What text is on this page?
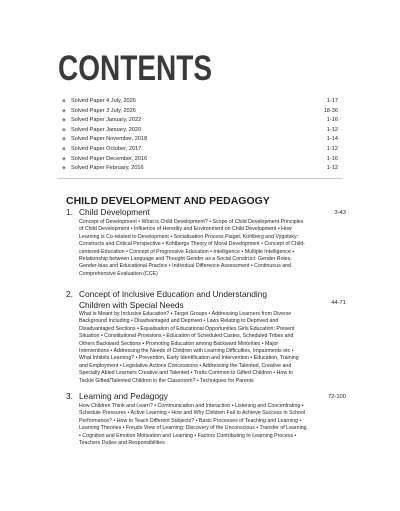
CONTENTS
◆ Solved Paper 4 July, 2026	1-17
◆ Solved Paper 3 July, 2026	18-36
◆ Solved Paper January, 2022	1-16
◆ Solved Paper January, 2020	1-12
◆ Solved Paper November, 2018	1-14
◆ Solved Paper October, 2017	1-12
◆ Solved Paper December, 2016	1-16
◆ Solved Paper February, 2016	1-12
CHILD DEVELOPMENT AND PEDAGOGY
1. Child Development	3-43

Concept of Development • What is Child Development? • Scope of Child Development Principles of Child Development • Influence of Heredity and Environment on Child Development • How Learning is Co-related to Development • Socialisation Process Piaget, Kohlberg and Vygotsky: Constructs and Critical Perspective • Kohlbergs Theory of Moral Development • Concept of Child-centered-Education • Concept of Progressive Education • Intelligence • Multiple Intelligence • Relationship between Language and Thought Gender as a Social Construct: Gender Roles, Gender-bias and Educational Practice • Individual Difference Assessment • Continuous and Comprehensive Evaluation (CCE)

2. Concept of Inclusive Education and Understanding
Children with Special Needs	44-71

What is Meant by Inclusive Education? • Target Groups • Addressing Learners from Diverse Background Including • Disadvantaged and Deprived • Laws Relating to Deprived and Disadvantaged Sections • Equalisation of Educational Opportunities Girls Education: Present Situation • Constitutional Provisions • Education of Scheduled Castes, Scheduled Tribes and Others Backward Sections • Promoting Education among Backward Minorities • Major Interventions • Addressing the Needs of Children with Learning Difficulties, Impairments etc • What Inhibits Learning? • Prevention, Early Identification and Intervention • Education, Training and Employment • Legislative Actions Concessions • Addressing the Talented, Creative and Specially Abled Learners Creative and Talented • Traits Common to Gifted Children • How to Tackle Gifted/Talented Children in the Classroom? • Techniques for Parents

3. Learning and Pedagogy	72-100

How Children Think and Learn? • Communication and Interaction • Listening and Concentrating • Schedule Pressures • Active Learning • How and Why Children Fail to Achieve Success in School Performance? • How to Teach Different Subjects? • Basic Processes of Teaching and Learning • Learning Theories • Freuds View of Learning: Discovery of the Unconscious • Transfer of Learning • Cognition and Emotion Motivation and Learning • Factors Contributing to Learning Process • Teachers Duties and Responsibilities
